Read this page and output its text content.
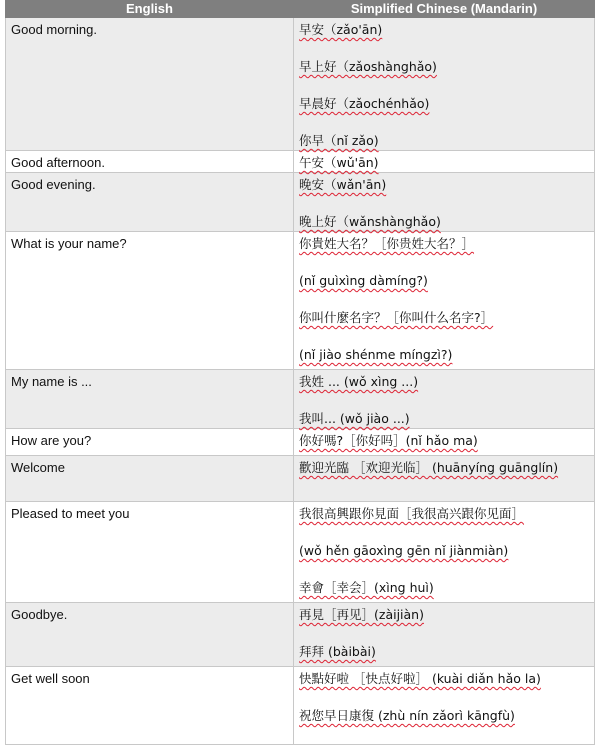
English	Simplified Chinese (Mandarin)
Good morning.	早安（zǎo'ān)
早上好（zǎoshànghǎo)
早晨好（zǎochénhǎo)
你早（nǐ zǎo)

Good afternoon.	午安（wǔ'ān)

Good evening.	晚安（wǎn'ān)
晚上好（wǎnshànghǎo)

What is your name?	你貴姓大名？［你贵姓大名？］
(nǐ guìxìng dàmíng?)
你叫什麼名字？［你叫什么名字?］
(nǐ jiào shénme míngzì?)

My name is ...	我姓 ... (wǒ xìng ...)
我叫... (wǒ jiào ...)

How are you?	你好嗎?［你好吗］(nǐ hǎo ma)

Welcome	歡迎光臨 ［欢迎光临］ (huānyíng guānglín)

Pleased to meet you	我很高興跟你見面［我很高兴跟你见面］
(wǒ hěn gāoxìng gēn nǐ jiànmiàn)
幸會［幸会］(xìng huì)

Goodbye.	再見［再见］(zàijiàn)
拜拜 (bàibài)

Get well soon	快點好啦 ［快点好啦］ (kuài diǎn hǎo la)
祝您早日康復 (zhù nín zǎorì kāngfù)
